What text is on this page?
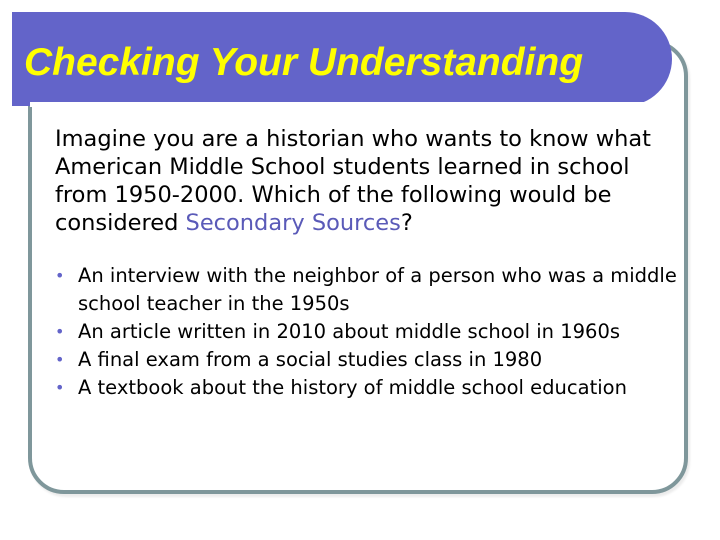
Checking Your Understanding

Imagine you are a historian who wants to know what American Middle School students learned in school from 1950-2000. Which of the following would be considered Secondary Sources?

• An interview with the neighbor of a person who was a middle school teacher in the 1950s
• An article written in 2010 about middle school in 1960s
• A final exam from a social studies class in 1980
• A textbook about the history of middle school education
